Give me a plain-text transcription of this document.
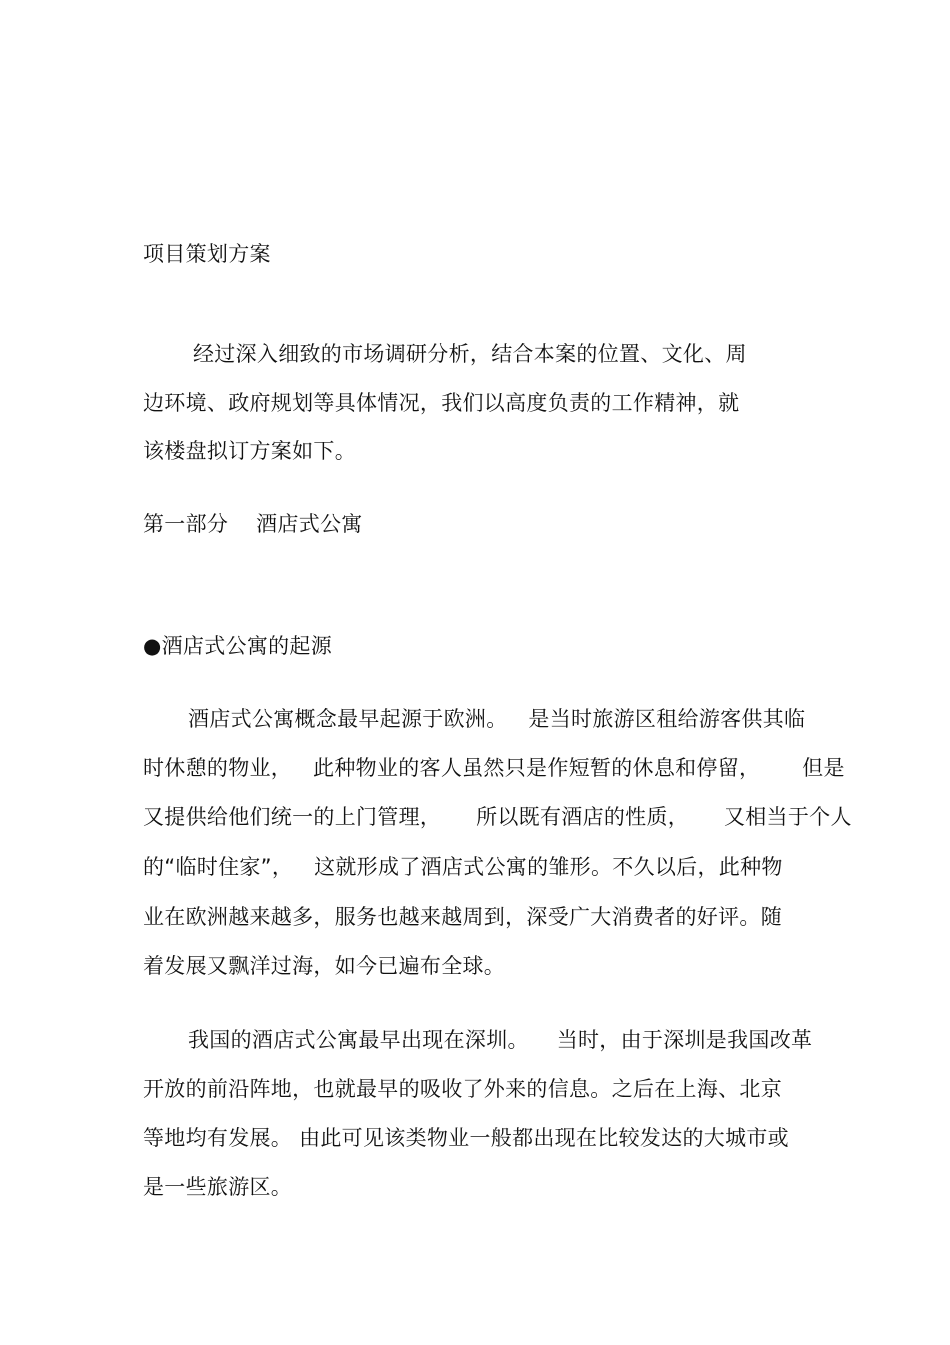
项目策划方案
经过深入细致的市场调研分析，结合本案的位置、文化、周
边环境、政府规划等具体情况，我们以高度负责的工作精神，就
该楼盘拟订方案如下。
第一部分    酒店式公寓
●酒店式公寓的起源
酒店式公寓概念最早起源于欧洲。   是当时旅游区租给游客供其临
时休憩的物业，   此种物业的客人虽然只是作短暂的休息和停留，      但是
又提供给他们统一的上门管理，     所以既有酒店的性质，     又相当于个人
的“临时住家”，   这就形成了酒店式公寓的雏形。不久以后，此种物
业在欧洲越来越多，服务也越来越周到，深受广大消费者的好评。随
着发展又飘洋过海，如今已遍布全球。
我国的酒店式公寓最早出现在深圳。    当时，由于深圳是我国改革
开放的前沿阵地，也就最早的吸收了外来的信息。之后在上海、北京
等地均有发展。 由此可见该类物业一般都出现在比较发达的大城市或
是一些旅游区。
